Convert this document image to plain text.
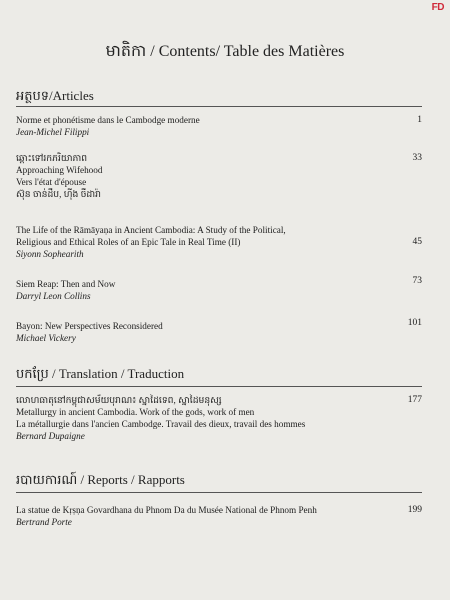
FD
មាតិកា / Contents/ Table des Matières
អត្ថបទ/Articles
Norme et phonétisme dans le Cambodge moderne
Jean-Michel Filippi
1
ឆ្ពោះទៅរកភរិយាភាព
Approaching Wifehood
Vers l'état d'épouse
ស៊ុន ចាន់ដឹប, ហ៊ីង ចឺដារ៉ា
33
The Life of the Rāmāyaṇa in Ancient Cambodia: A Study of the Political,
Religious and Ethical Roles of an Epic Tale in Real Time (II)
Siyonn Sophearith
45
Siem Reap: Then and Now
Darryl Leon Collins
73
Bayon: New Perspectives Reconsidered
Michael Vickery
101
បកប្រែ / Translation / Traduction
លោហធាតុនៅកម្ពុជាសម័យបុរាណ៖ ស្នាដៃទេព, ស្នាដៃមនុស្ស
Metallurgy in ancient Cambodia. Work of the gods, work of men
La métallurgie dans l'ancien Cambodge. Travail des dieux, travail des hommes
Bernard Dupaigne
177
របាយការណ៍ / Reports / Rapports
La statue de Kṛṣṇa Govardhana du Phnom Da du Musée National de Phnom Penh
Bertrand Porte
199
